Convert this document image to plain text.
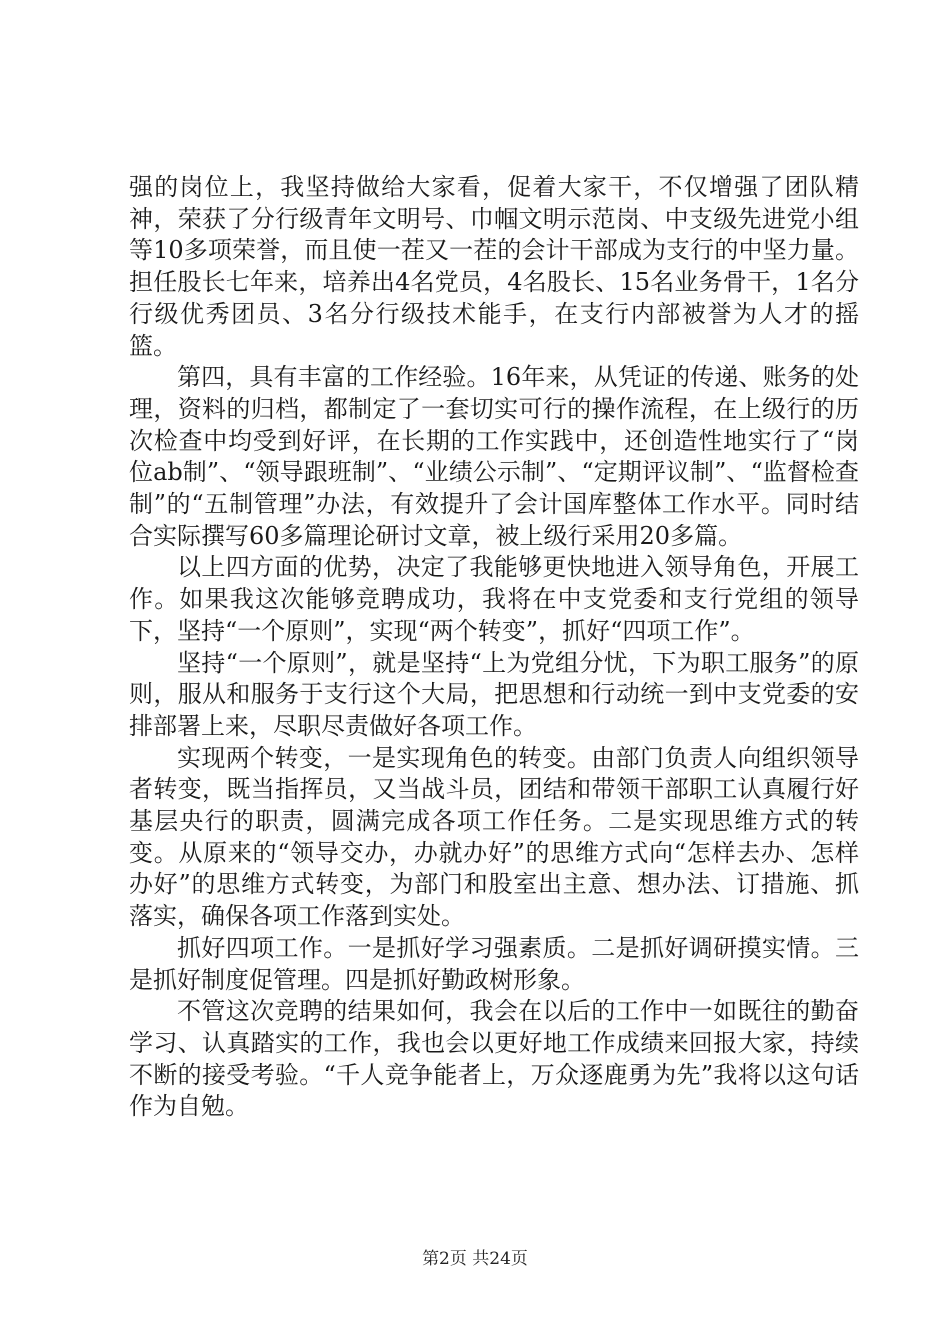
强的岗位上，我坚持做给大家看，促着大家干，不仅增强了团队精神，荣获了分行级青年文明号、巾帼文明示范岗、中支级先进党小组等10多项荣誉，而且使一茬又一茬的会计干部成为支行的中坚力量。担任股长七年来，培养出4名党员，4名股长、15名业务骨干，1名分行级优秀团员、3名分行级技术能手，在支行内部被誉为人才的摇篮。

第四，具有丰富的工作经验。16年来，从凭证的传递、账务的处理，资料的归档，都制定了一套切实可行的操作流程，在上级行的历次检查中均受到好评，在长期的工作实践中，还创造性地实行了“岗位ab制”、“领导跟班制”、“业绩公示制”、“定期评议制”、“监督检查制”的“五制管理”办法，有效提升了会计国库整体工作水平。同时结合实际撰写60多篇理论研讨文章，被上级行采用20多篇。

以上四方面的优势，决定了我能够更快地进入领导角色，开展工作。如果我这次能够竞聘成功，我将在中支党委和支行党组的领导下，坚持“一个原则”，实现“两个转变”，抓好“四项工作”。

坚持“一个原则”，就是坚持“上为党组分忧，下为职工服务”的原则，服从和服务于支行这个大局，把思想和行动统一到中支党委的安排部署上来，尽职尽责做好各项工作。

实现两个转变，一是实现角色的转变。由部门负责人向组织领导者转变，既当指挥员，又当战斗员，团结和带领干部职工认真履行好基层央行的职责，圆满完成各项工作任务。二是实现思维方式的转变。从原来的“领导交办，办就办好”的思维方式向“怎样去办、怎样办好”的思维方式转变，为部门和股室出主意、想办法、订措施、抓落实，确保各项工作落到实处。

抓好四项工作。一是抓好学习强素质。二是抓好调研摸实情。三是抓好制度促管理。四是抓好勤政树形象。

不管这次竞聘的结果如何，我会在以后的工作中一如既往的勤奋学习、认真踏实的工作，我也会以更好地工作成绩来回报大家，持续不断的接受考验。“千人竞争能者上，万众逐鹿勇为先”我将以这句话作为自勉。

第2页 共24页
